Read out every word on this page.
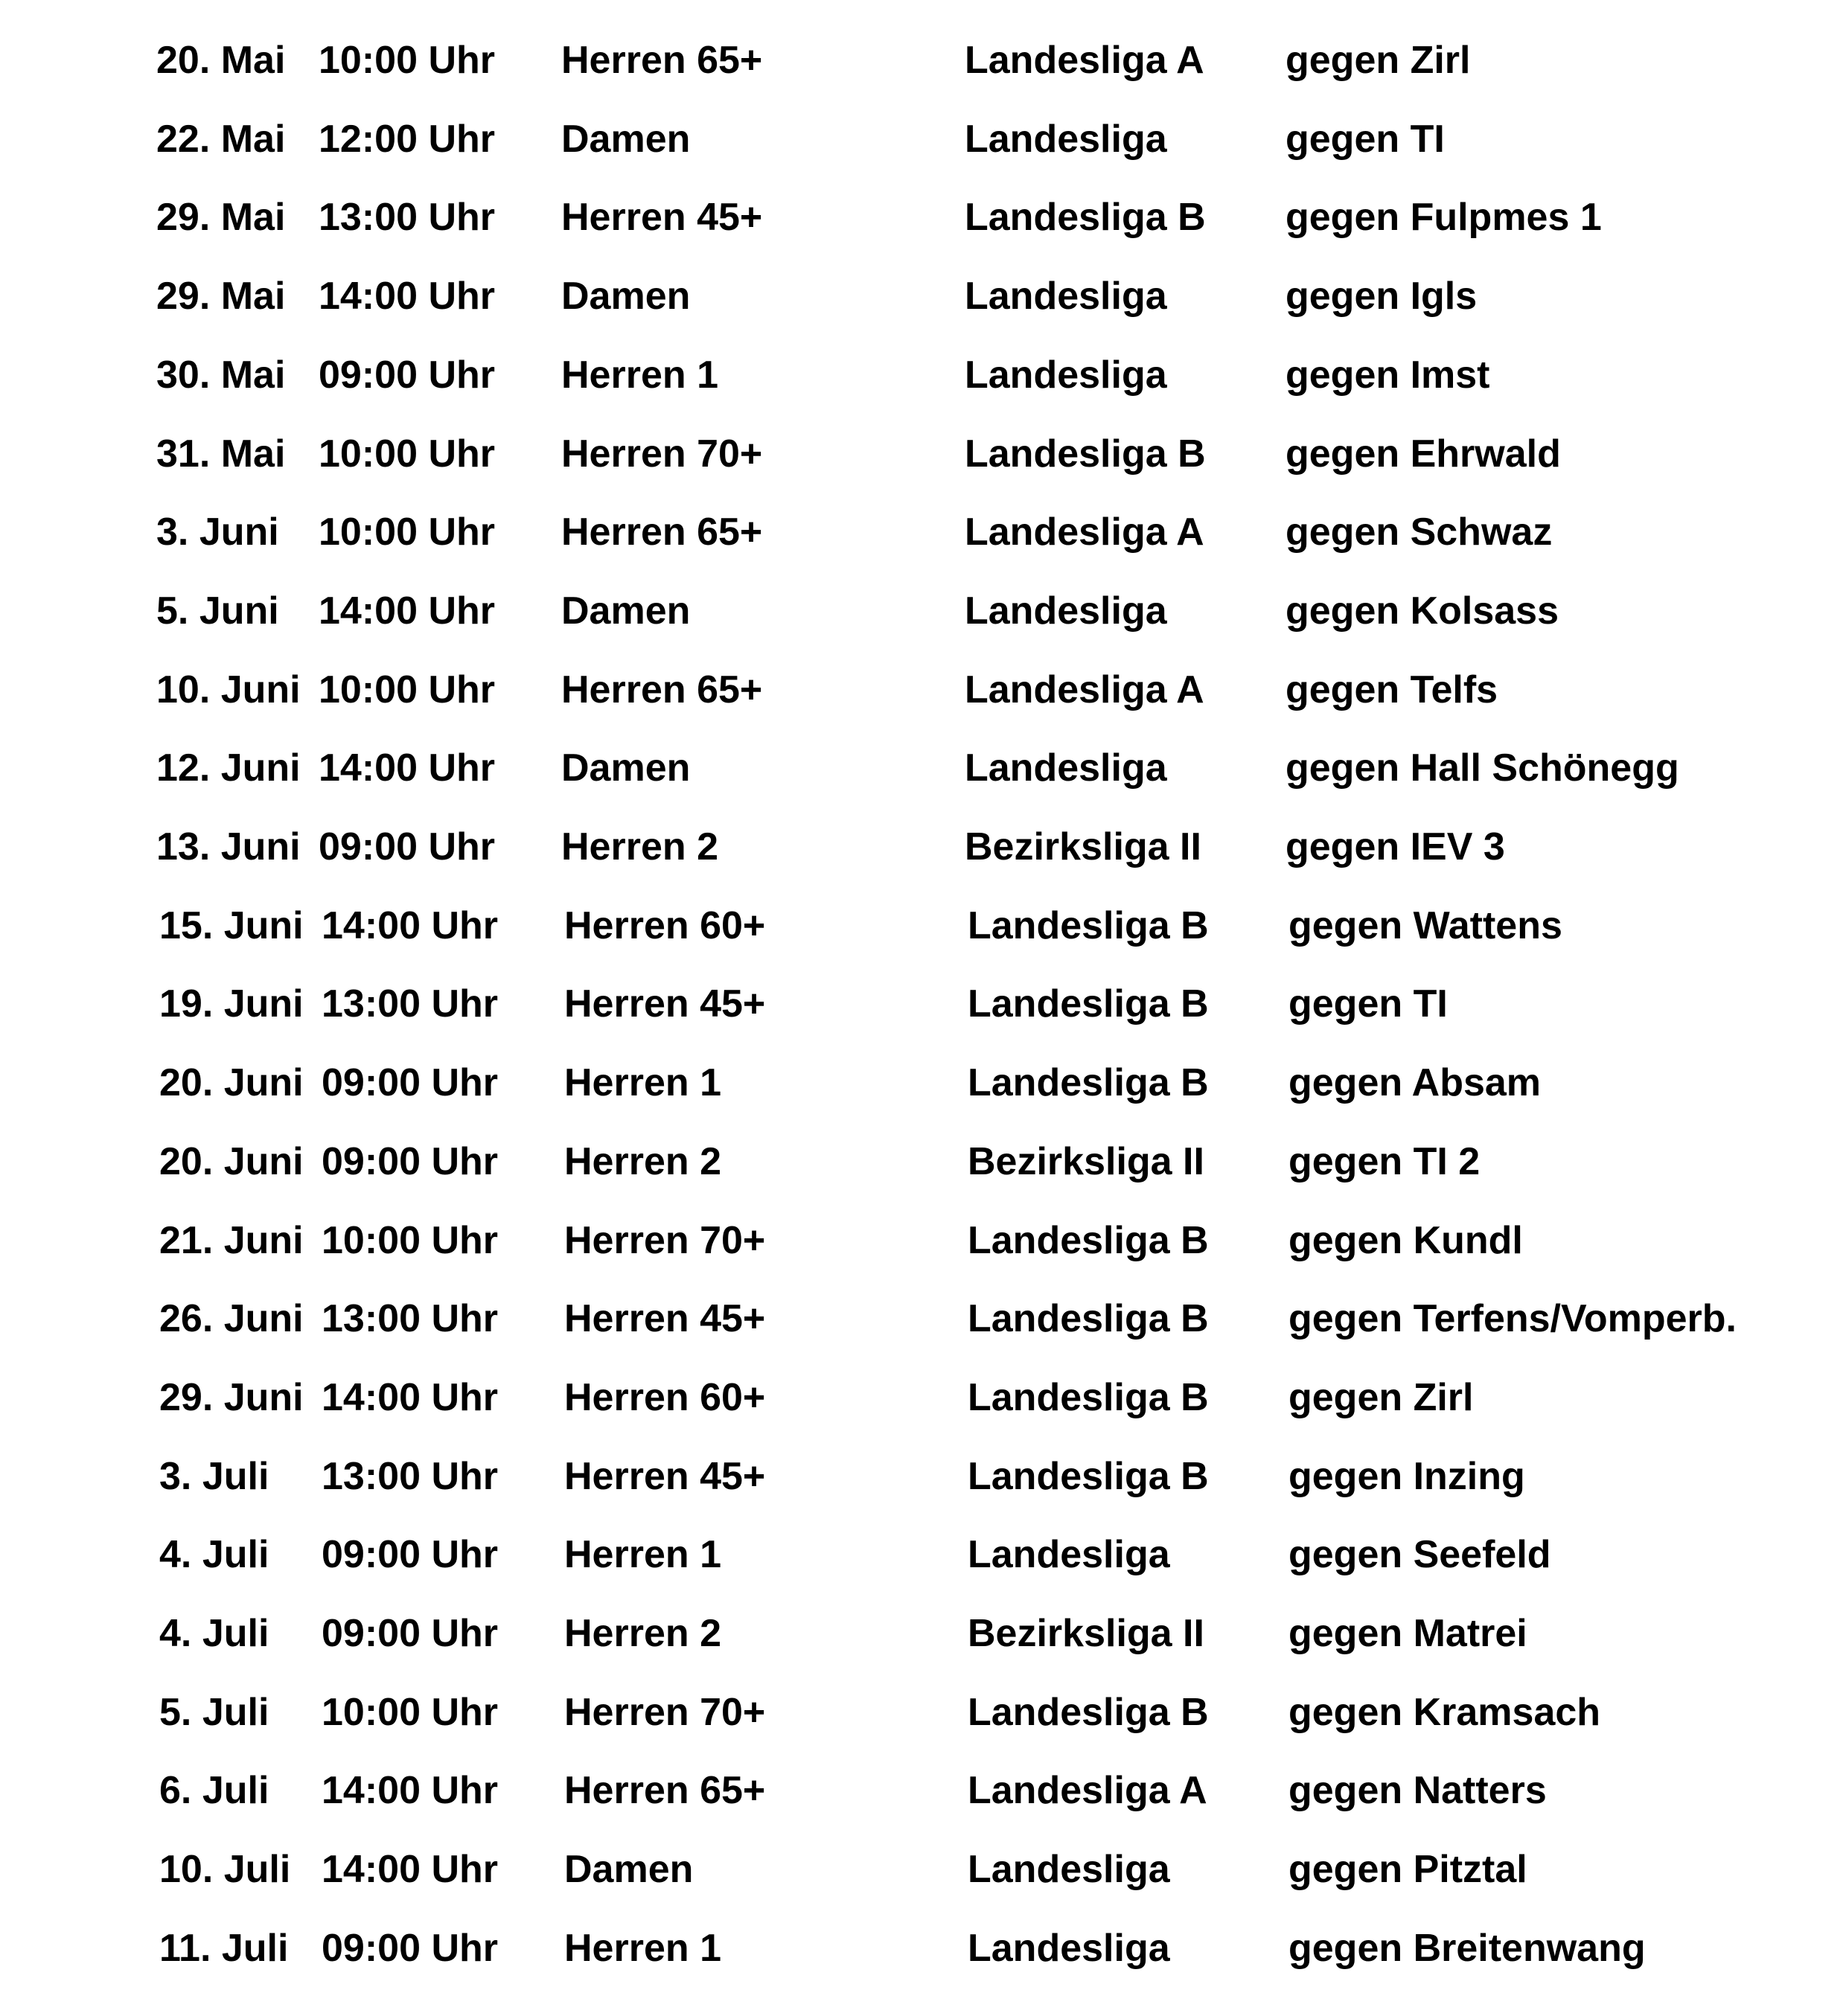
20. Mai 10:00 Uhr Herren 65+	Landesliga A gegen Zirl
22. Mai 12:00 Uhr Damen	Landesliga	gegen TI
29. Mai 13:00 Uhr Herren 45+	Landesliga B gegen Fulpmes 1
29. Mai 14:00 Uhr Damen	Landesliga	gegen Igls
30. Mai 09:00 Uhr Herren 1	Landesliga	gegen Imst
31. Mai 10:00 Uhr Herren 70+	Landesliga B gegen Ehrwald
3. Juni 10:00 Uhr Herren 65+	Landesliga A gegen Schwaz
5. Juni 14:00 Uhr Damen	Landesliga	gegen Kolsass
10. Juni 10:00 Uhr Herren 65+	Landesliga A gegen Telfs
12. Juni 14:00 Uhr Damen	Landesliga	gegen Hall Schönegg
13. Juni 09:00 Uhr Herren 2	Bezirksliga II gegen IEV 3
15. Juni 14:00 Uhr Herren 60+	Landesliga B gegen Wattens
19. Juni 13:00 Uhr Herren 45+	Landesliga B gegen TI
20. Juni 09:00 Uhr Herren 1	Landesliga B gegen Absam
20. Juni 09:00 Uhr Herren 2	Bezirksliga II gegen TI 2
21. Juni 10:00 Uhr Herren 70+	Landesliga B gegen Kundl
26. Juni 13:00 Uhr Herren 45+	Landesliga B gegen Terfens/Vomperb.
29. Juni 14:00 Uhr Herren 60+	Landesliga B gegen Zirl
3. Juli 13:00 Uhr Herren 45+	Landesliga B gegen Inzing
4. Juli 09:00 Uhr Herren 1	Landesliga	gegen Seefeld
4. Juli 09:00 Uhr Herren 2	Bezirksliga II gegen Matrei
5. Juli 10:00 Uhr Herren 70+	Landesliga B gegen Kramsach
6. Juli 14:00 Uhr Herren 65+	Landesliga A gegen Natters
10. Juli 14:00 Uhr Damen	Landesliga	gegen Pitztal
11. Juli 09:00 Uhr Herren 1	Landesliga	gegen Breitenwang
